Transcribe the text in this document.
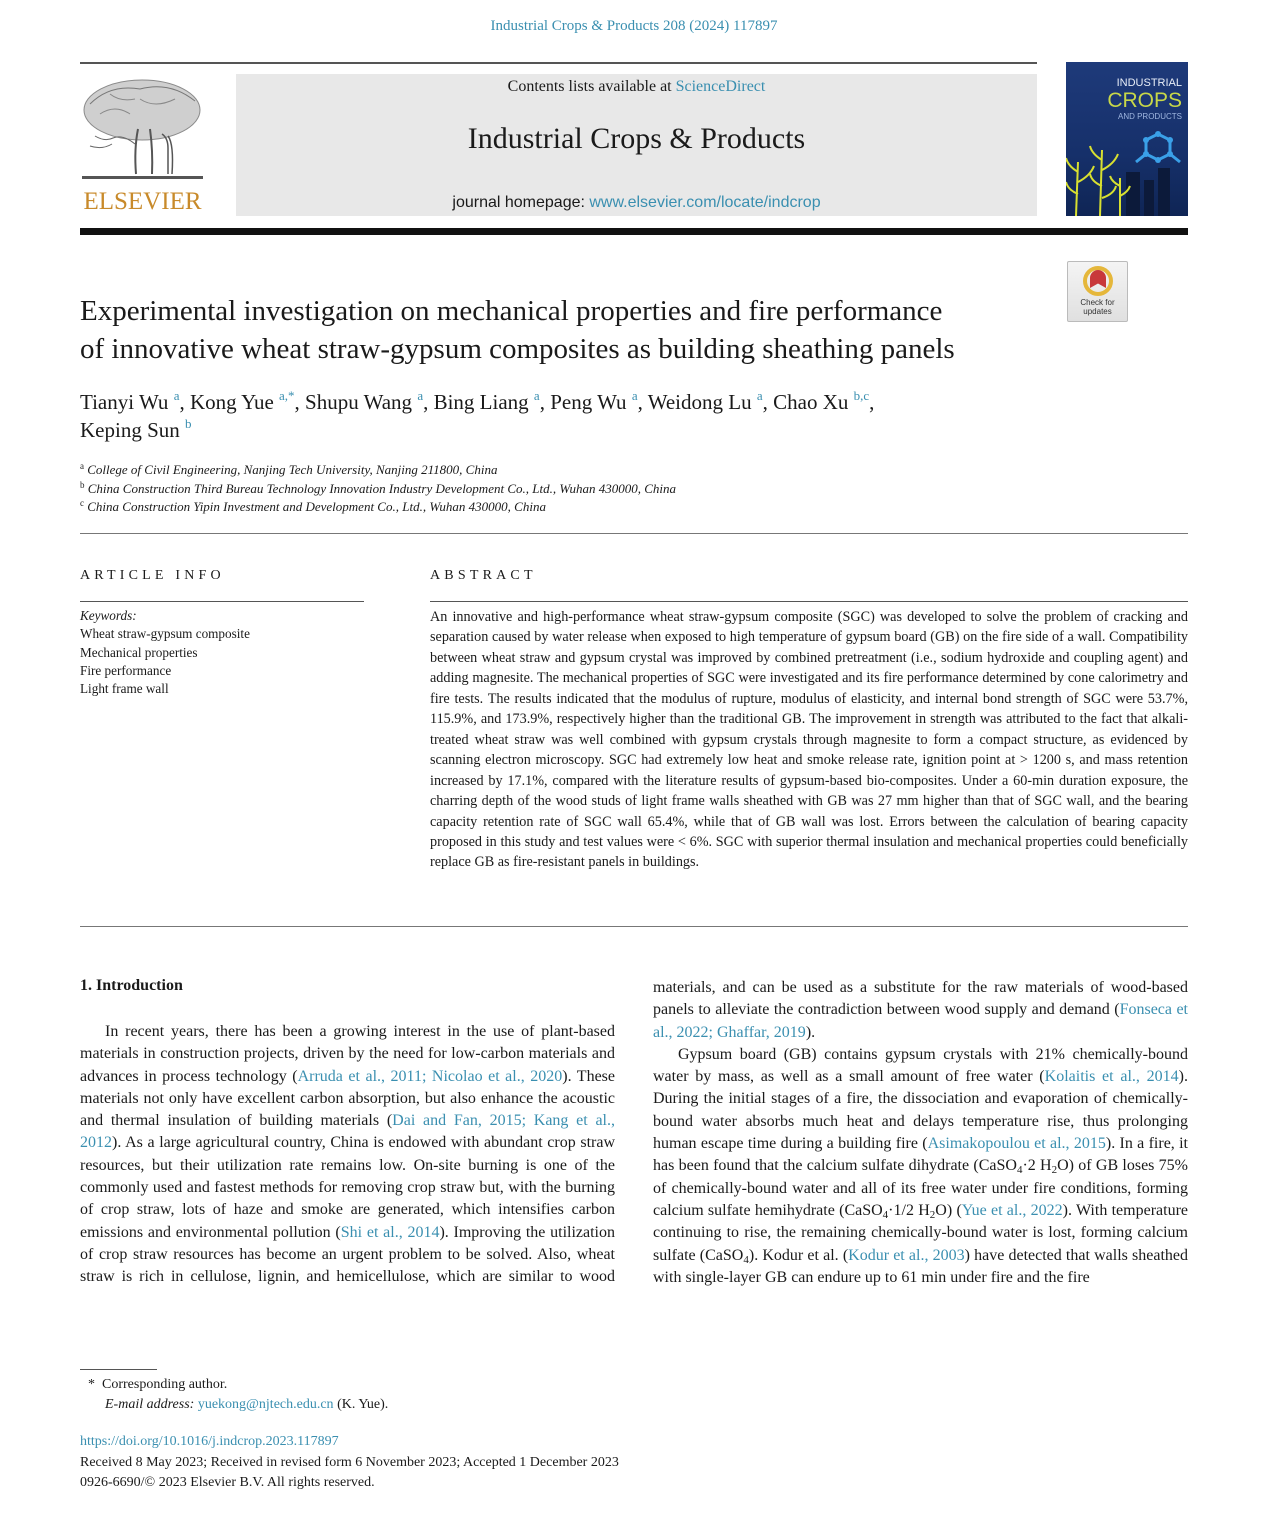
Industrial Crops & Products 208 (2024) 117897
ELSEVIER
Contents lists available at ScienceDirect
Industrial Crops & Products
journal homepage: www.elsevier.com/locate/indcrop
INDUSTRIAL
CROPS
AND PRODUCTS
Check for
updates
Experimental investigation on mechanical properties and fire performance
of innovative wheat straw-gypsum composites as building sheathing panels
Tianyi Wu $^a$, Kong Yue $^{a,*}$, Shupu Wang $^a$, Bing Liang $^a$, Peng Wu $^a$, Weidong Lu $^a$, Chao Xu $^{b,c}$,
Keping Sun $^b$
$^a$ College of Civil Engineering, Nanjing Tech University, Nanjing 211800, China
$^b$ China Construction Third Bureau Technology Innovation Industry Development Co., Ltd., Wuhan 430000, China
$^c$ China Construction Yipin Investment and Development Co., Ltd., Wuhan 430000, China
ARTICLE INFO
Keywords:
Wheat straw-gypsum composite
Mechanical properties
Fire performance
Light frame wall
ABSTRACT

An innovative and high-performance wheat straw-gypsum composite (SGC) was developed to solve the problem of cracking and separation caused by water release when exposed to high temperature of gypsum board (GB) on the fire side of a wall. Compatibility between wheat straw and gypsum crystal was improved by combined pretreatment (i.e., sodium hydroxide and coupling agent) and adding magnesite. The mechanical properties of SGC were investigated and its fire performance determined by cone calorimetry and fire tests. The results indicated that the modulus of rupture, modulus of elasticity, and internal bond strength of SGC were 53.7%, 115.9%, and 173.9%, respectively higher than the traditional GB. The improvement in strength was attributed to the fact that alkali-treated wheat straw was well combined with gypsum crystals through magnesite to form a compact structure, as evidenced by scanning electron microscopy. SGC had extremely low heat and smoke release rate, ignition point at > 1200 s, and mass retention increased by 17.1%, compared with the literature results of gypsum-based bio-composites. Under a 60-min duration exposure, the charring depth of the wood studs of light frame walls sheathed with GB was 27 mm higher than that of SGC wall, and the bearing capacity retention rate of SGC wall 65.4%, while that of GB wall was lost. Errors between the calculation of bearing capacity proposed in this study and test values were < 6%. SGC with superior thermal insulation and mechanical properties could beneficially replace GB as fire-resistant panels in buildings.

1. Introduction

In recent years, there has been a growing interest in the use of plant-based materials in construction projects, driven by the need for low-carbon materials and advances in process technology (Arruda et al., 2011; Nicolao et al., 2020). These materials not only have excellent carbon absorption, but also enhance the acoustic and thermal insulation of building materials (Dai and Fan, 2015; Kang et al., 2012). As a large agricultural country, China is endowed with abundant crop straw resources, but their utilization rate remains low. On-site burning is one of the commonly used and fastest methods for removing crop straw but, with the burning of crop straw, lots of haze and smoke are generated, which intensifies carbon emissions and environmental pollution (Shi et al., 2014). Improving the utilization of crop straw resources has become an urgent problem to be solved. Also, wheat straw is rich in cellulose, lignin, and hemicellulose, which are similar to wood

materials, and can be used as a substitute for the raw materials of wood-based panels to alleviate the contradiction between wood supply and demand (Fonseca et al., 2022; Ghaffar, 2019).

Gypsum board (GB) contains gypsum crystals with 21% chemically-bound water by mass, as well as a small amount of free water (Kolaitis et al., 2014). During the initial stages of a fire, the dissociation and evaporation of chemically-bound water absorbs much heat and delays temperature rise, thus prolonging human escape time during a building fire (Asimakopoulou et al., 2015). In a fire, it has been found that the calcium sulfate dihydrate (CaSO$_4$·2 $H_2O$) of GB loses 75% of chemically-bound water and all of its free water under fire conditions, forming calcium sulfate hemihydrate (CaSO$_4$·1/2 $H_2O$) (Yue et al., 2022). With temperature continuing to rise, the remaining chemically-bound water is lost, forming calcium sulfate (CaSO$_4$). Kodur et al. (Kodur et al., 2003) have detected that walls sheathed with single-layer GB can endure up to 61 min under fire and the fire

* Corresponding author.
E-mail address: yuekong@njtech.edu.cn (K. Yue).
https://doi.org/10.1016/j.indcrop.2023.117897
Received 8 May 2023; Received in revised form 6 November 2023; Accepted 1 December 2023
0926-6690/© 2023 Elsevier B.V. All rights reserved.
